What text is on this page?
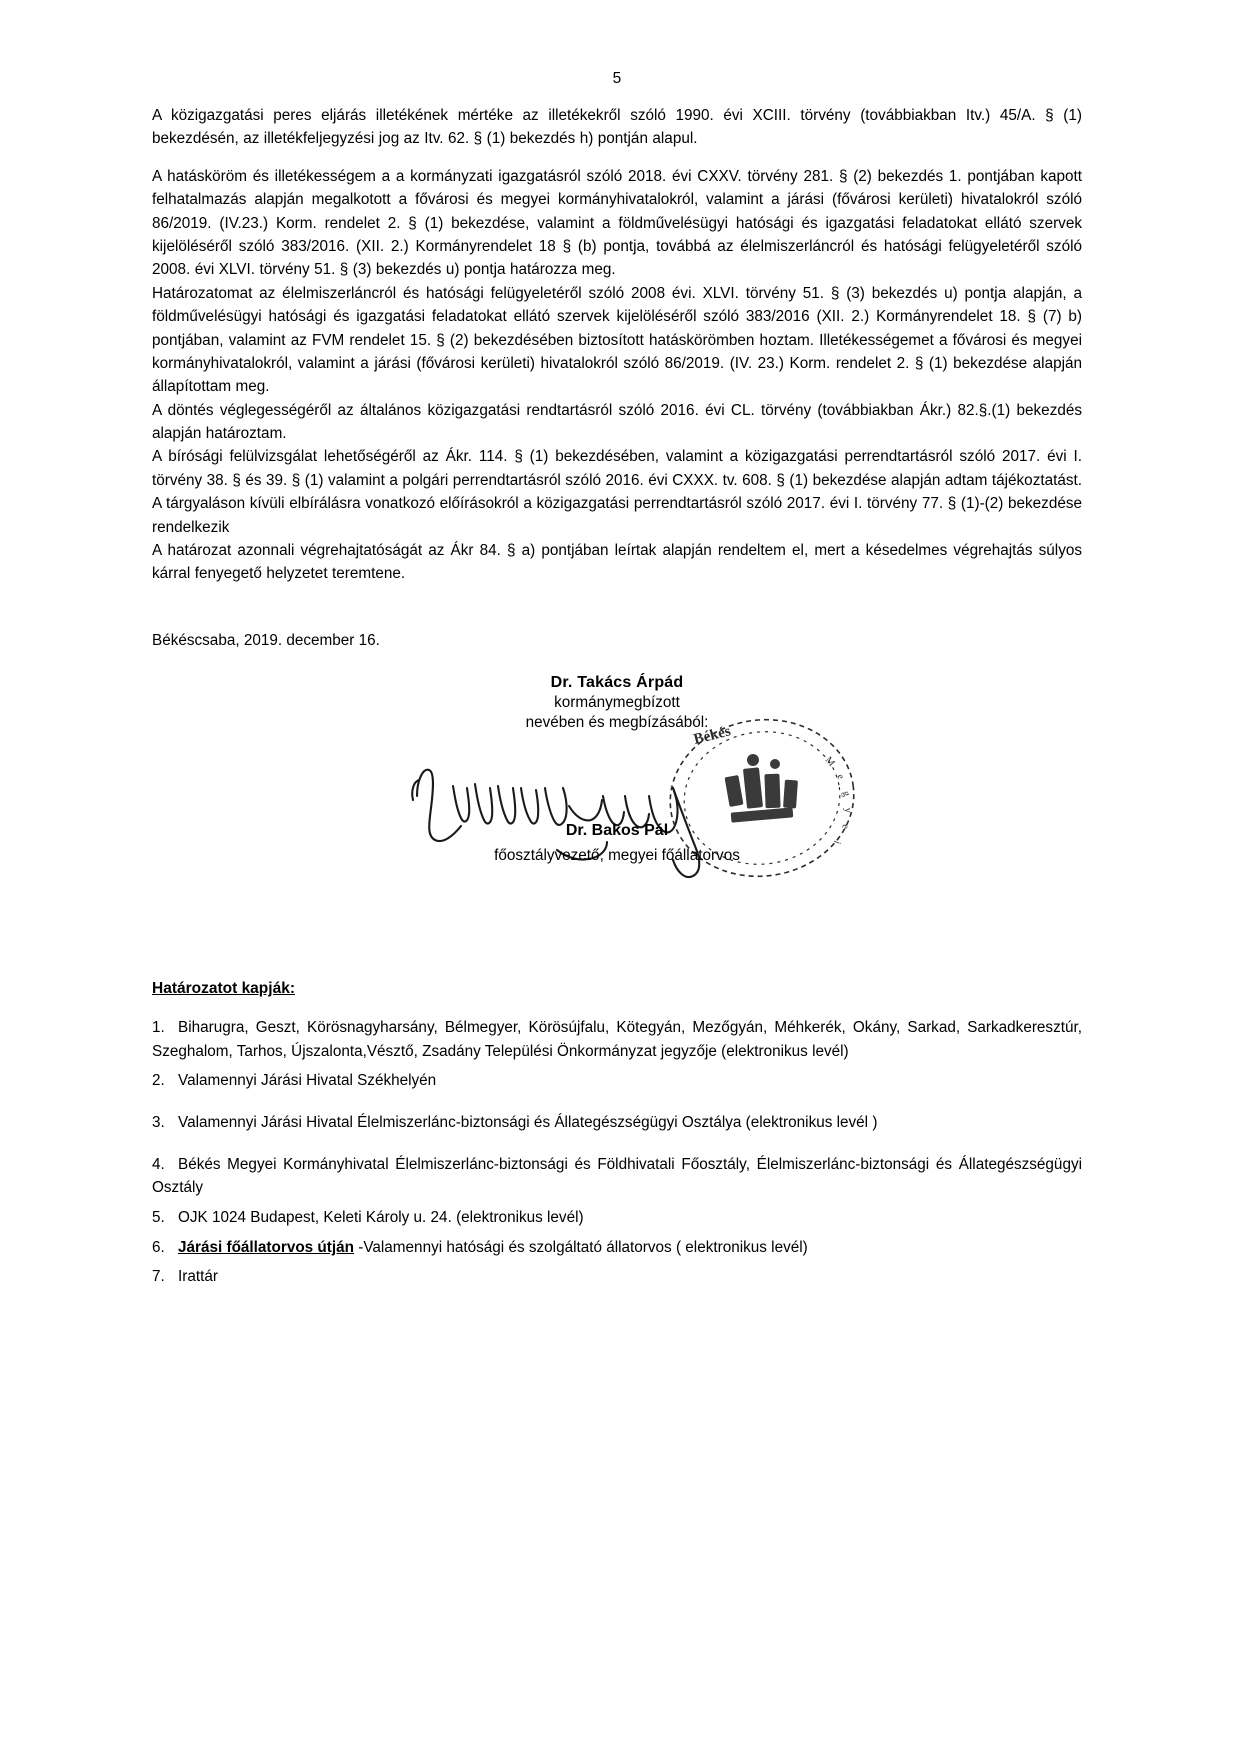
5

A közigazgatási peres eljárás illetékének mértéke az illetékekről szóló 1990. évi XCIII. törvény (továbbiakban Itv.) 45/A. § (1) bekezdésén, az illetékfeljegyzési jog az Itv. 62. § (1) bekezdés h) pontján alapul.

A hatásköröm és illetékességem a a kormányzati igazgatásról szóló 2018. évi CXXV. törvény 281. § (2) bekezdés 1. pontjában kapott felhatalmazás alapján megalkotott a fővárosi és megyei kormányhivatalokról, valamint a járási (fővárosi kerületi) hivatalokról szóló 86/2019. (IV.23.) Korm. rendelet 2. § (1) bekezdése, valamint a földművelésügyi hatósági és igazgatási feladatokat ellátó szervek kijelöléséről szóló 383/2016. (XII. 2.) Kormányrendelet 18 § (b) pontja, továbbá az élelmiszerláncról és hatósági felügyeletéről szóló 2008. évi XLVI. törvény 51. § (3) bekezdés u) pontja határozza meg.

Határozatomat az élelmiszerláncról és hatósági felügyeletéről szóló 2008 évi. XLVI. törvény 51. § (3) bekezdés u) pontja alapján, a földművelésügyi hatósági és igazgatási feladatokat ellátó szervek kijelöléséről szóló 383/2016 (XII. 2.) Kormányrendelet 18. § (7) b) pontjában, valamint az FVM rendelet 15. § (2) bekezdésében biztosított hatáskörömben hoztam. Illetékességemet a fővárosi és megyei kormányhivatalokról, valamint a járási (fővárosi kerületi) hivatalokról szóló 86/2019. (IV. 23.) Korm. rendelet 2. § (1) bekezdése alapján állapítottam meg.

A döntés véglegességéről az általános közigazgatási rendtartásról szóló 2016. évi CL. törvény (továbbiakban Ákr.) 82.§.(1) bekezdés alapján határoztam.

A bírósági felülvizsgálat lehetőségéről az Ákr. 114. § (1) bekezdésében, valamint a közigazgatási perrendtartásról szóló 2017. évi I. törvény 38. § és 39. § (1) valamint a polgári perrendtartásról szóló 2016. évi CXXX. tv. 608. § (1) bekezdése alapján adtam tájékoztatást. A tárgyaláson kívüli elbírálásra vonatkozó előírásokról a közigazgatási perrendtartásról szóló 2017. évi I. törvény 77. § (1)-(2) bekezdése rendelkezik

A határozat azonnali végrehajtatóságát az Ákr 84. § a) pontjában leírtak alapján rendeltem el, mert a késedelmes végrehajtás súlyos kárral fenyegető helyzetet teremtene.

Békéscsaba, 2019. december 16.
Dr. Takács Árpád
kormánymegbízott
nevében és megbízásából:
Békés
M
e
g
y
e
i
Dr. Bakos Pál
főosztályvezető, megyei főállatorvos
Határozatot kapják:
1. Biharugra, Geszt, Körösnagyharsány, Bélmegyer, Körösújfalu, Kötegyán, Mezőgyán, Méhkerék, Okány, Sarkad, Sarkadkeresztúr, Szeghalom, Tarhos, Újszalonta,Vésztő, Zsadány Települési Önkormányzat jegyzője (elektronikus levél)
2. Valamennyi Járási Hivatal Székhelyén
3. Valamennyi Járási Hivatal Élelmiszerlánc-biztonsági és Állategészségügyi Osztálya (elektronikus levél )
4. Békés Megyei Kormányhivatal Élelmiszerlánc-biztonsági és Földhivatali Főosztály, Élelmiszerlánc-biztonsági és Állategészségügyi Osztály
5. OJK 1024 Budapest, Keleti Károly u. 24. (elektronikus levél)
6. Járási főállatorvos útján -Valamennyi hatósági és szolgáltató állatorvos ( elektronikus levél)
7. Irattár
